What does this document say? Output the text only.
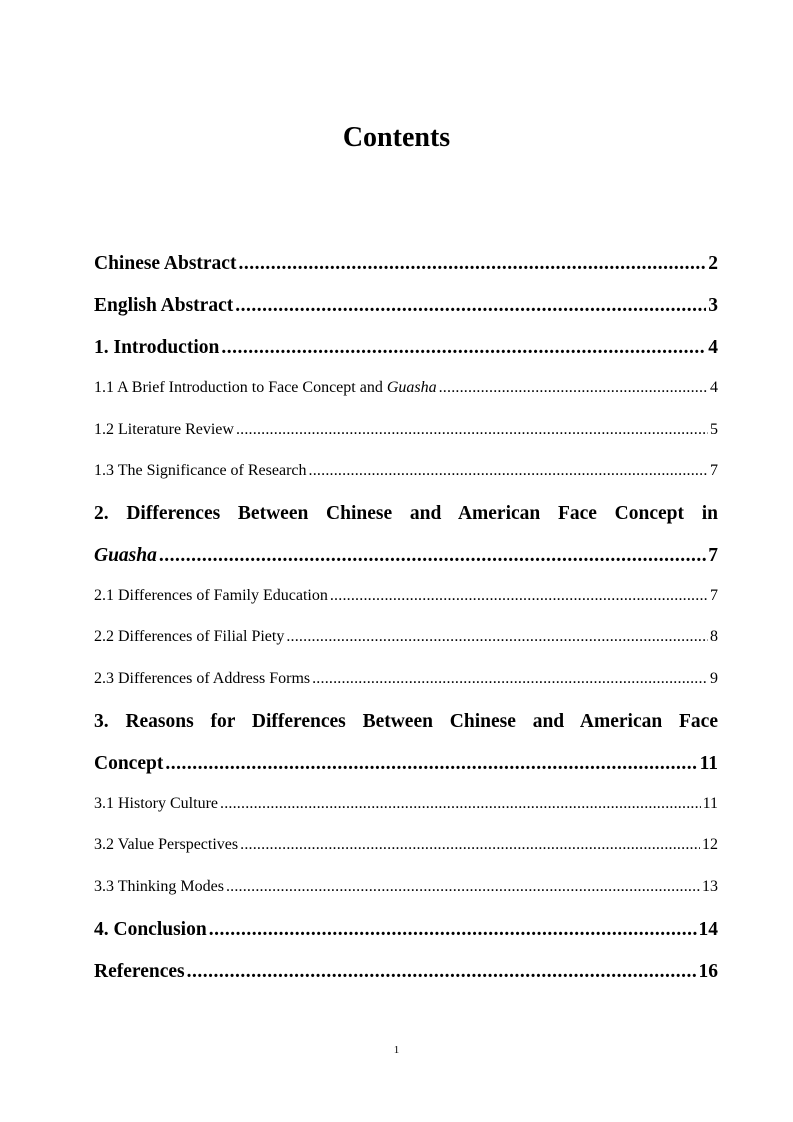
Contents
Chinese Abstract .....	2
English Abstract .....	3
1. Introduction .....	4
1.1 A Brief Introduction to Face Concept and Guasha .....	4
1.2 Literature Review .....	5
1.3 The Significance of Research .....	7
2. Differences Between Chinese and American Face Concept in
Guasha .....	7
2.1 Differences of Family Education .....	7
2.2 Differences of Filial Piety .....	8
2.3 Differences of Address Forms .....	9
3. Reasons for Differences Between Chinese and American Face
Concept .....	11
3.1 History Culture .....	11
3.2 Value Perspectives .....	12
3.3 Thinking Modes .....	13
4. Conclusion .....	14
References .....	16
1
